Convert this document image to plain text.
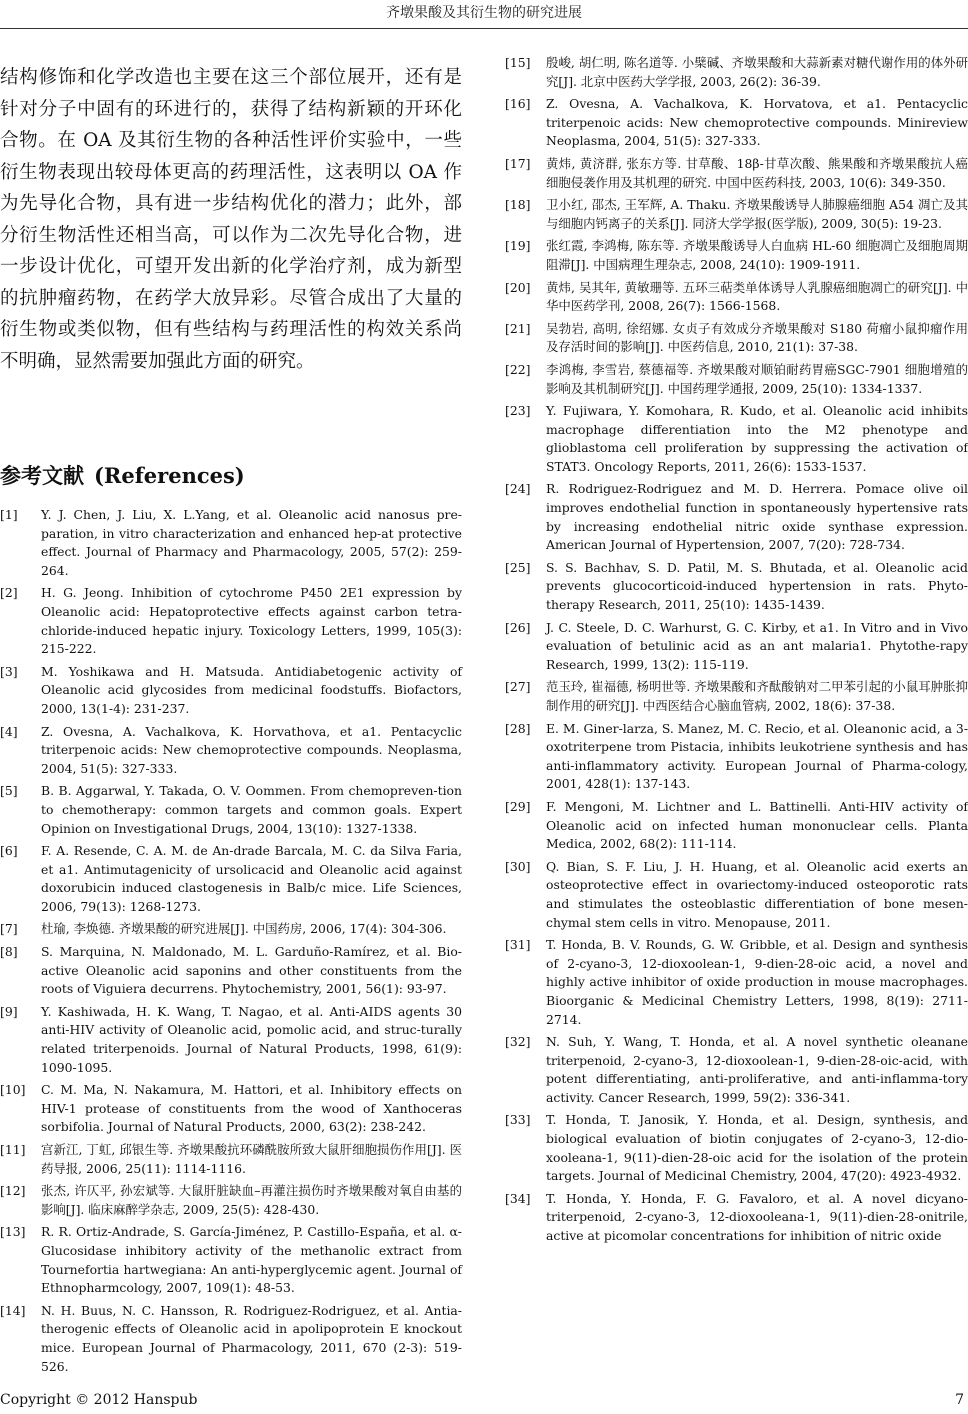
齐墩果酸及其衍生物的研究进展

结构修饰和化学改造也主要在这三个部位展开，还有是针对分子中固有的环进行的，获得了结构新颖的开环化合物。在 OA 及其衍生物的各种活性评价实验中，一些衍生物表现出较母体更高的药理活性，这表明以 OA 作为先导化合物，具有进一步结构优化的潜力；此外，部分衍生物活性还相当高，可以作为二次先导化合物，进一步设计优化，可望开发出新的化学治疗剂，成为新型的抗肿瘤药物，在药学大放异彩。尽管合成出了大量的衍生物或类似物，但有些结构与药理活性的构效关系尚不明确，显然需要加强此方面的研究。

参考文献 (References)
[1]	Y. J. Chen, J. Liu, X. L.Yang, et al. Oleanolic acid nanosus pre-paration, in vitro characterization and enhanced hep-at protective effect. Journal of Pharmacy and Pharmacology, 2005, 57(2): 259-264.
[2]	H. G. Jeong. Inhibition of cytochrome P450 2E1 expression by Oleanolic acid: Hepatoprotective effects against carbon tetra-chloride-induced hepatic injury. Toxicology Letters, 1999, 105(3): 215-222.
[3]	M. Yoshikawa and H. Matsuda. Antidiabetogenic activity of Oleanolic acid glycosides from medicinal foodstuffs. Biofactors, 2000, 13(1-4): 231-237.
[4]	Z. Ovesna, A. Vachalkova, K. Horvathova, et a1. Pentacyclic triterpenoic acids: New chemoprotective compounds. Neoplasma, 2004, 51(5): 327-333.
[5]	B. B. Aggarwal, Y. Takada, O. V. Oommen. From chemopreven-tion to chemotherapy: common targets and common goals. Expert Opinion on Investigational Drugs, 2004, 13(10): 1327-1338.
[6]	F. A. Resende, C. A. M. de An-drade Barcala, M. C. da Silva Faria, et a1. Antimutagenicity of ursolicacid and Oleanolic acid against doxorubicin induced clastogenesis in Balb/c mice. Life Sciences, 2006, 79(13): 1268-1273.
[7]	杜瑜, 李焕德. 齐墩果酸的研究进展[J]. 中国药房, 2006, 17(4): 304-306.
[8]	S. Marquina, N. Maldonado, M. L. Garduño-Ramírez, et al. Bio-active Oleanolic acid saponins and other constituents from the roots of Viguiera decurrens. Phytochemistry, 2001, 56(1): 93-97.
[9]	Y. Kashiwada, H. K. Wang, T. Nagao, et al. Anti-AIDS agents 30 anti-HIV activity of Oleanolic acid, pomolic acid, and struc-turally related triterpenoids. Journal of Natural Products, 1998, 61(9): 1090-1095.
[10]	C. M. Ma, N. Nakamura, M. Hattori, et al. Inhibitory effects on HIV-1 protease of constituents from the wood of Xanthoceras sorbifolia. Journal of Natural Products, 2000, 63(2): 238-242.
[11]	宫新江, 丁虹, 邱银生等. 齐墩果酸抗环磷酰胺所致大鼠肝细胞损伤作用[J]. 医药导报, 2006, 25(11): 1114-1116.
[12]	张杰, 许仄平, 孙宏斌等. 大鼠肝脏缺血–再灌注损伤时齐墩果酸对氧自由基的影响[J]. 临床麻醉学杂志, 2009, 25(5): 428-430.
[13]	R. R. Ortiz-Andrade, S. García-Jiménez, P. Castillo-España, et al. α-Glucosidase inhibitory activity of the methanolic extract from Tournefortia hartwegiana: An anti-hyperglycemic agent. Journal of Ethnopharmcology, 2007, 109(1): 48-53.
[14]	N. H. Buus, N. C. Hansson, R. Rodriguez-Rodriguez, et al. Antia-therogenic effects of Oleanolic acid in apolipoprotein E knockout mice. European Journal of Pharmacology, 2011, 670 (2-3): 519-526.
[15]	殷峻, 胡仁明, 陈名道等. 小檗碱、齐墩果酸和大蒜新素对糖代谢作用的体外研究[J]. 北京中医药大学学报, 2003, 26(2): 36-39.
[16]	Z. Ovesna, A. Vachalkova, K. Horvatova, et a1. Pentacyclic triterpenoic acids: New chemoprotective compounds. Minireview Neoplasma, 2004, 51(5): 327-333.
[17]	黄炜, 黄济群, 张东方等. 甘草酸、18β-甘草次酸、熊果酸和齐墩果酸抗人癌细胞侵袭作用及其机理的研究. 中国中医药科技, 2003, 10(6): 349-350.
[18]	卫小红, 邵杰, 王军辉, A. Thaku. 齐墩果酸诱导人肺腺癌细胞 A54 凋亡及其与细胞内钙离子的关系[J]. 同济大学学报(医学版), 2009, 30(5): 19-23.
[19]	张红霞, 李鸿梅, 陈东等. 齐墩果酸诱导人白血病 HL-60 细胞凋亡及细胞周期阻滞[J]. 中国病理生理杂志, 2008, 24(10): 1909-1911.
[20]	黄炜, 吴其年, 黄敏珊等. 五环三萜类单体诱导人乳腺癌细胞凋亡的研究[J]. 中华中医药学刊, 2008, 26(7): 1566-1568.
[21]	吴勃岩, 高明, 徐绍娜. 女贞子有效成分齐墩果酸对 S180 荷瘤小鼠抑瘤作用及存活时间的影响[J]. 中医药信息, 2010, 21(1): 37-38.
[22]	李鸿梅, 李雪岩, 蔡德福等. 齐墩果酸对顺铂耐药胃癌SGC-7901 细胞增殖的影响及其机制研究[J]. 中国药理学通报, 2009, 25(10): 1334-1337.
[23]	Y. Fujiwara, Y. Komohara, R. Kudo, et al. Oleanolic acid inhibits macrophage differentiation into the M2 phenotype and glioblastoma cell proliferation by suppressing the activation of STAT3. Oncology Reports, 2011, 26(6): 1533-1537.
[24]	R. Rodriguez-Rodriguez and M. D. Herrera. Pomace olive oil improves endothelial function in spontaneously hypertensive rats by increasing endothelial nitric oxide synthase expression. American Journal of Hypertension, 2007, 7(20): 728-734.
[25]	S. S. Bachhav, S. D. Patil, M. S. Bhutada, et al. Oleanolic acid prevents glucocorticoid-induced hypertension in rats. Phyto-therapy Research, 2011, 25(10): 1435-1439.
[26]	J. C. Steele, D. C. Warhurst, G. C. Kirby, et a1. In Vitro and in Vivo evaluation of betulinic acid as an ant malaria1. Phytothe-rapy Research, 1999, 13(2): 115-119.
[27]	范玉玲, 崔福德, 杨明世等. 齐墩果酸和齐酞酸钠对二甲苯引起的小鼠耳肿胀抑制作用的研究[J]. 中西医结合心脑血管病, 2002, 18(6): 37-38.
[28]	E. M. Giner-larza, S. Manez, M. C. Recio, et al. Oleanonic acid, a 3-oxotriterpene trom Pistacia, inhibits leukotriene synthesis and has anti-inflammatory activity. European Journal of Pharma-cology, 2001, 428(1): 137-143.
[29]	F. Mengoni, M. Lichtner and L. Battinelli. Anti-HIV activity of Oleanolic acid on infected human mononuclear cells. Planta Medica, 2002, 68(2): 111-114.
[30]	Q. Bian, S. F. Liu, J. H. Huang, et al. Oleanolic acid exerts an osteoprotective effect in ovariectomy-induced osteoporotic rats and stimulates the osteoblastic differentiation of bone mesen-chymal stem cells in vitro. Menopause, 2011.
[31]	T. Honda, B. V. Rounds, G. W. Gribble, et al. Design and synthesis of 2-cyano-3, 12-dioxoolean-1, 9-dien-28-oic acid, a novel and highly active inhibitor of oxide production in mouse macrophages. Bioorganic & Medicinal Chemistry Letters, 1998, 8(19): 2711-2714.
[32]	N. Suh, Y. Wang, T. Honda, et al. A novel synthetic oleanane triterpenoid, 2-cyano-3, 12-dioxoolean-1, 9-dien-28-oic-acid, with potent differentiating, anti-proliferative, and anti-inflamma-tory activity. Cancer Research, 1999, 59(2): 336-341.
[33]	T. Honda, T. Janosik, Y. Honda, et al. Design, synthesis, and biological evaluation of biotin conjugates of 2-cyano-3, 12-dio-xooleana-1, 9(11)-dien-28-oic acid for the isolation of the protein targets. Journal of Medicinal Chemistry, 2004, 47(20): 4923-4932.
[34]	T. Honda, Y. Honda, F. G. Favaloro, et al. A novel dicyano-triterpenoid, 2-cyano-3, 12-dioxooleana-1, 9(11)-dien-28-onitrile, active at picomolar concentrations for inhibition of nitric oxide
Copyright © 2012 Hanspub	7
